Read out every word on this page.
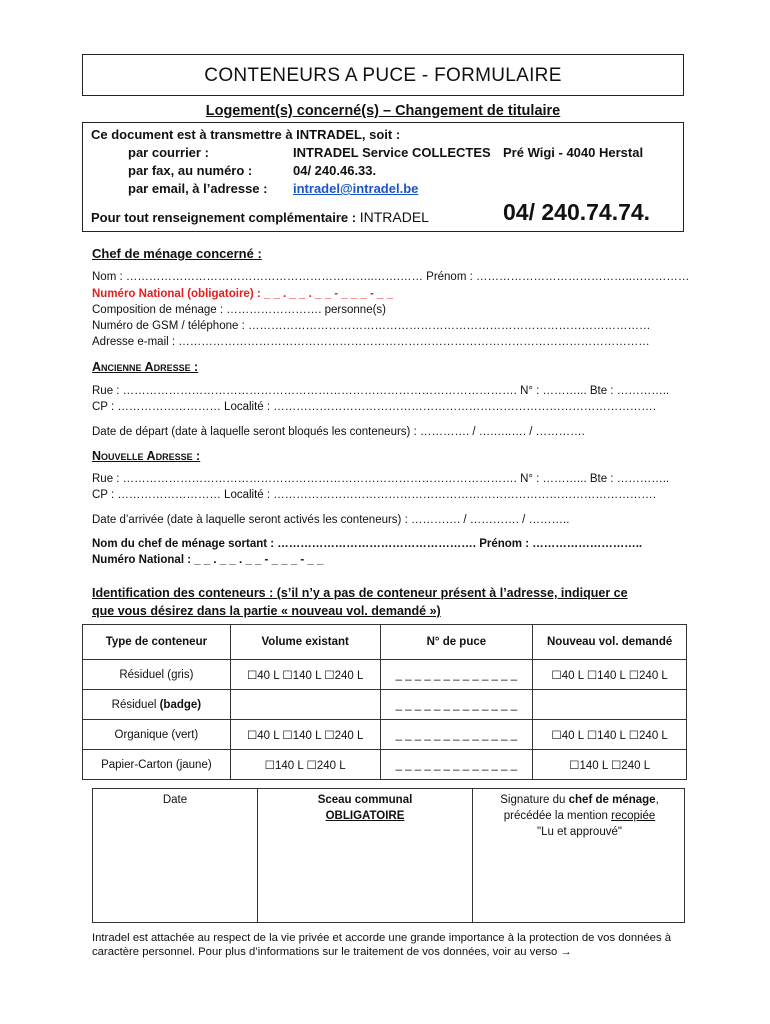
CONTENEURS A PUCE - FORMULAIRE
Logement(s) concerné(s) – Changement de titulaire
Ce document est à transmettre à INTRADEL, soit :
par courrier :	INTRADEL Service COLLECTES Pré Wigi - 4040 Herstal
par fax, au numéro :	04/ 240.46.33.
par email, à l’adresse : intradel@intradel.be
Pour tout renseignement complémentaire : INTRADEL	04/ 240.74.74.
Chef de ménage concerné :
Nom : ………………………………………………………..…….…… Prénom : …………………………………..……………
Numéro National (obligatoire) : _ _ . _ _ . _ _ - _ _ _ - _ _
Composition de ménage : ……………………. personne(s)
Numéro de GSM / téléphone : ……………………………………………………………………………………………
Adresse e-mail : ……………………………………………………………………………………………………………
Ancienne Adresse :
Rue : …………………………………………………………………………………………. N° : ………... Bte : …………..
CP : ……………………… Localité : ……………………………………………………………………………………….
Date de départ (date à laquelle seront bloqués les conteneurs) : …………. / ….…..…. / ………….
Nouvelle Adresse :
Rue : …………………………………………………………………………………………. N° : ………... Bte : …………..
CP : ……………………… Localité : ……………………………………………………………………………………….
Date d’arrivée (date à laquelle seront activés les conteneurs) : …………. / …………. / ………..
Nom du chef de ménage sortant : ……………………………………………. Prénom : ………………………..
Numéro National : _ _ . _ _ . _ _ - _ _ _ - _ _
Identification des conteneurs : (s’il n’y a pas de conteneur présent à l’adresse, indiquer ce
que vous désirez dans la partie « nouveau vol. demandé »)
Type de conteneur	Volume existant	N° de puce	Nouveau vol. demandé
Résiduel (gris)	☐40 L ☐140 L ☐240 L	_ _ _ _ _ _ _ _ _ _ _ _ _	☐40 L ☐140 L ☐240 L
Résiduel (badge)		_ _ _ _ _ _ _ _ _ _ _ _ _	
Organique (vert)	☐40 L ☐140 L ☐240 L	_ _ _ _ _ _ _ _ _ _ _ _ _	☐40 L ☐140 L ☐240 L
Papier-Carton (jaune)	☐140 L ☐240 L	_ _ _ _ _ _ _ _ _ _ _ _ _	☐140 L ☐240 L
Date	Sceau communal
OBLIGATOIRE
Signature du chef de ménage,
précédée la mention recopiée
"Lu et approuvé"
Intradel est attachée au respect de la vie privée et accorde une grande importance à la protection de vos données à caractère personnel. Pour plus d’informations sur le traitement de vos données, voir au verso →
